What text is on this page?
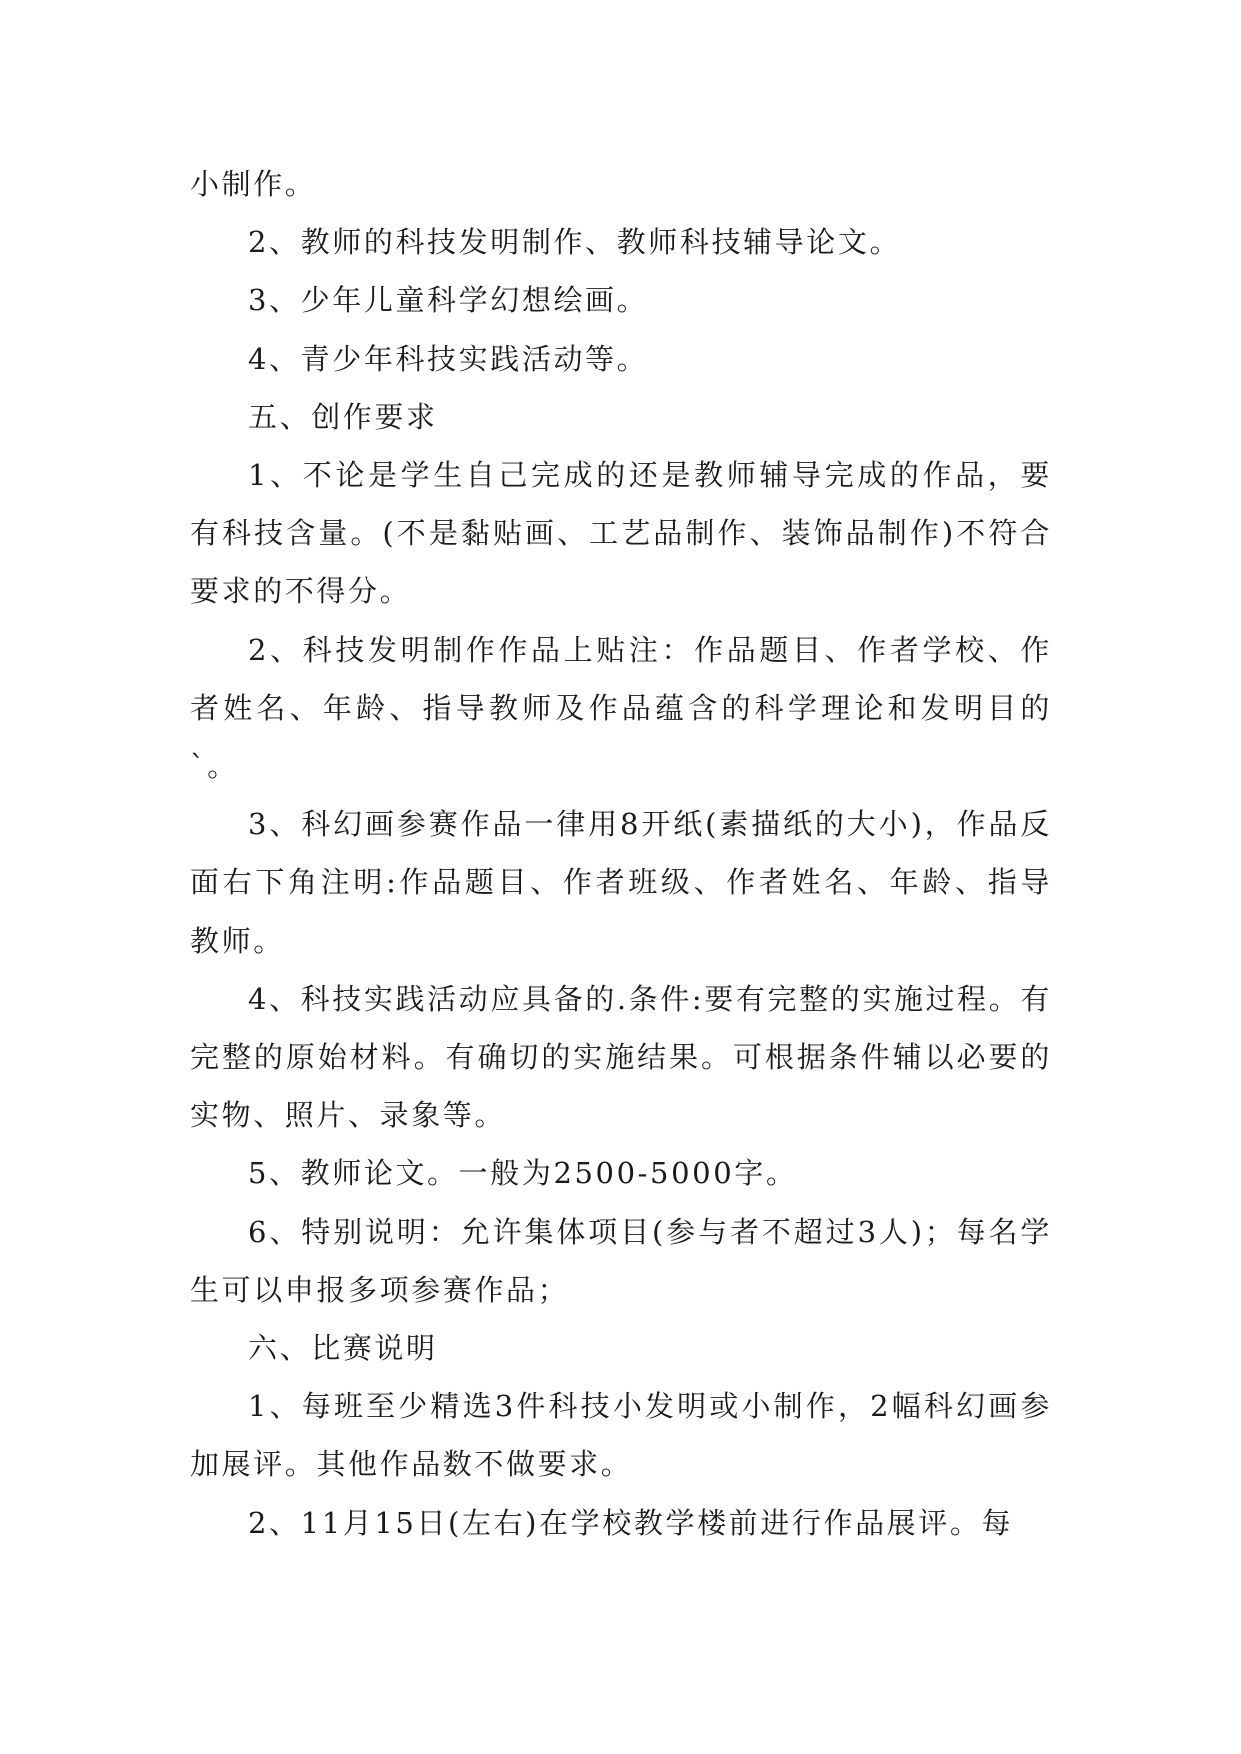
小制作。

2、教师的科技发明制作、教师科技辅导论文。

3、少年儿童科学幻想绘画。

4、青少年科技实践活动等。

五、创作要求

1、不论是学生自己完成的还是教师辅导完成的作品，要有科技含量。(不是黏贴画、工艺品制作、装饰品制作)不符合要求的不得分。

2、科技发明制作作品上贴注：作品题目、作者学校、作者姓名、年龄、指导教师及作品蕴含的科学理论和发明目的`。

3、科幻画参赛作品一律用8开纸(素描纸的大小)，作品反面右下角注明:作品题目、作者班级、作者姓名、年龄、指导教师。

4、科技实践活动应具备的.条件:要有完整的实施过程。有完整的原始材料。有确切的实施结果。可根据条件辅以必要的实物、照片、录象等。

5、教师论文。一般为2500-5000字。

6、特别说明：允许集体项目(参与者不超过3人)；每名学生可以申报多项参赛作品；

六、比赛说明

1、每班至少精选3件科技小发明或小制作，2幅科幻画参加展评。其他作品数不做要求。

2、11月15日(左右)在学校教学楼前进行作品展评。每
